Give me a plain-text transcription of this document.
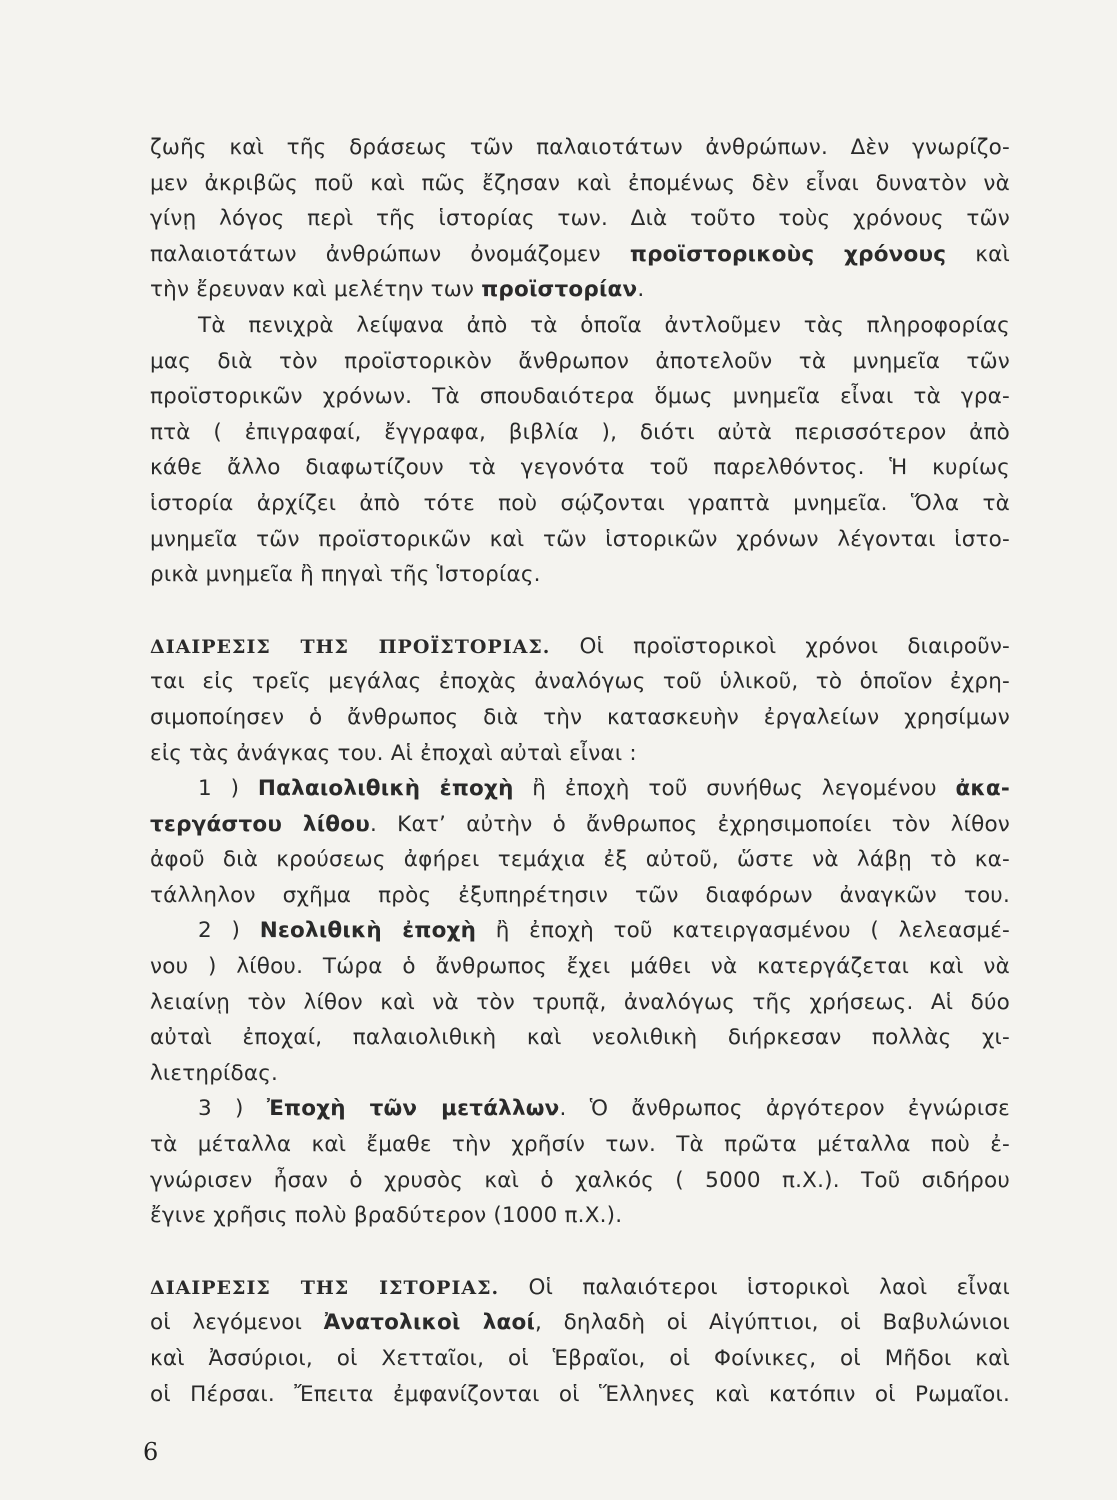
ζωῆς καὶ τῆς δράσεως τῶν παλαιοτάτων ἀνθρώπων. Δὲν γνωρίζο-
μεν ἀκριβῶς ποῦ καὶ πῶς ἔζησαν καὶ ἐπομένως δὲν εἶναι δυνατὸν νὰ
γίνῃ λόγος περὶ τῆς ἱστορίας των. Διὰ τοῦτο τοὺς χρόνους τῶν
παλαιοτάτων ἀνθρώπων ὀνομάζομεν προϊστορικοὺς χρόνους καὶ
τὴν ἔρευναν καὶ μελέτην των προϊστορίαν.
Τὰ πενιχρὰ λείψανα ἀπὸ τὰ ὁποῖα ἀντλοῦμεν τὰς πληροφορίας
μας διὰ τὸν προϊστορικὸν ἄνθρωπον ἀποτελοῦν τὰ μνημεῖα τῶν
προϊστορικῶν χρόνων. Τὰ σπουδαιότερα ὅμως μνημεῖα εἶναι τὰ γρα-
πτὰ ( ἐπιγραφαί, ἔγγραφα, βιβλία ), διότι αὐτὰ περισσότερον ἀπὸ
κάθε ἄλλο διαφωτίζουν τὰ γεγονότα τοῦ παρελθόντος. Ἡ κυρίως
ἱστορία ἀρχίζει ἀπὸ τότε ποὺ σῴζονται γραπτὰ μνημεῖα. Ὅλα τὰ
μνημεῖα τῶν προϊστορικῶν καὶ τῶν ἱστορικῶν χρόνων λέγονται ἱστο-
ρικὰ μνημεῖα ἢ πηγαὶ τῆς Ἱστορίας.
ΔΙΑΙΡΕΣΙΣ ΤΗΣ ΠΡΟΪΣΤΟΡΙΑΣ. Οἱ προϊστορικοὶ χρόνοι διαιροῦν-
ται εἰς τρεῖς μεγάλας ἐποχὰς ἀναλόγως τοῦ ὑλικοῦ, τὸ ὁποῖον ἐχρη-
σιμοποίησεν ὁ ἄνθρωπος διὰ τὴν κατασκευὴν ἐργαλείων χρησίμων
εἰς τὰς ἀνάγκας του. Αἱ ἐποχαὶ αὐταὶ εἶναι :
1 ) Παλαιολιθικὴ ἐποχὴ ἢ ἐποχὴ τοῦ συνήθως λεγομένου ἀκα-
τεργάστου λίθου. Κατ’ αὐτὴν ὁ ἄνθρωπος ἐχρησιμοποίει τὸν λίθον
ἀφοῦ διὰ κρούσεως ἀφήρει τεμάχια ἐξ αὐτοῦ, ὥστε νὰ λάβῃ τὸ κα-
τάλληλον σχῆμα πρὸς ἐξυπηρέτησιν τῶν διαφόρων ἀναγκῶν του.
2 ) Νεολιθικὴ ἐποχὴ ἢ ἐποχὴ τοῦ κατειργασμένου ( λελεασμέ-
νου ) λίθου. Τώρα ὁ ἄνθρωπος ἔχει μάθει νὰ κατεργάζεται καὶ νὰ
λειαίνῃ τὸν λίθον καὶ νὰ τὸν τρυπᾷ, ἀναλόγως τῆς χρήσεως. Αἱ δύο
αὐταὶ ἐποχαί, παλαιολιθικὴ καὶ νεολιθικὴ διήρκεσαν πολλὰς χι-
λιετηρίδας.
3 ) Ἐποχὴ τῶν μετάλλων. Ὁ ἄνθρωπος ἀργότερον ἐγνώρισε
τὰ μέταλλα καὶ ἔμαθε τὴν χρῆσίν των. Τὰ πρῶτα μέταλλα ποὺ ἐ-
γνώρισεν ἦσαν ὁ χρυσὸς καὶ ὁ χαλκός ( 5000 π.Χ.). Τοῦ σιδήρου
ἔγινε χρῆσις πολὺ βραδύτερον (1000 π.Χ.).
ΔΙΑΙΡΕΣΙΣ ΤΗΣ ΙΣΤΟΡΙΑΣ. Οἱ παλαιότεροι ἱστορικοὶ λαοὶ εἶναι
οἱ λεγόμενοι Ἀνατολικοὶ λαοί, δηλαδὴ οἱ Αἰγύπτιοι, οἱ Βαβυλώνιοι
καὶ Ἀσσύριοι, οἱ Χετταῖοι, οἱ Ἑβραῖοι, οἱ Φοίνικες, οἱ Μῆδοι καὶ
οἱ Πέρσαι. Ἔπειτα ἐμφανίζονται οἱ Ἕλληνες καὶ κατόπιν οἱ Ρωμαῖοι.
6
